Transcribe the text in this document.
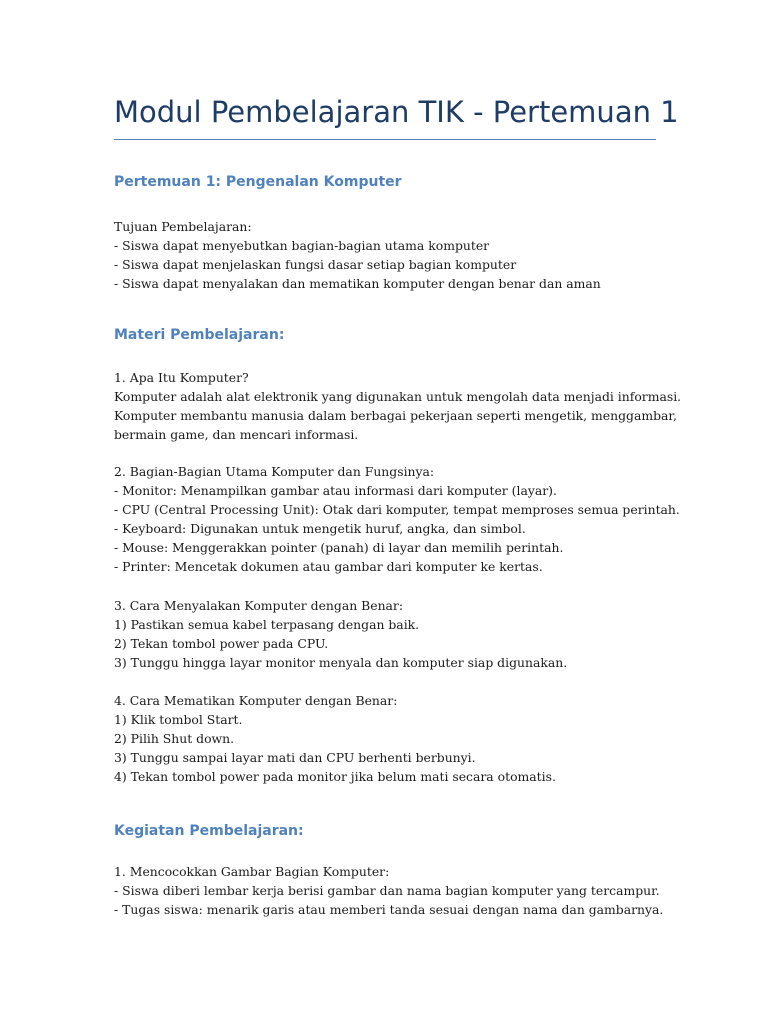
Modul Pembelajaran TIK - Pertemuan 1
Pertemuan 1: Pengenalan Komputer
Tujuan Pembelajaran:
- Siswa dapat menyebutkan bagian-bagian utama komputer
- Siswa dapat menjelaskan fungsi dasar setiap bagian komputer
- Siswa dapat menyalakan dan mematikan komputer dengan benar dan aman
Materi Pembelajaran:
1. Apa Itu Komputer?
Komputer adalah alat elektronik yang digunakan untuk mengolah data menjadi informasi.
Komputer membantu manusia dalam berbagai pekerjaan seperti mengetik, menggambar,
bermain game, dan mencari informasi.
2. Bagian-Bagian Utama Komputer dan Fungsinya:
- Monitor: Menampilkan gambar atau informasi dari komputer (layar).
- CPU (Central Processing Unit): Otak dari komputer, tempat memproses semua perintah.
- Keyboard: Digunakan untuk mengetik huruf, angka, dan simbol.
- Mouse: Menggerakkan pointer (panah) di layar dan memilih perintah.
- Printer: Mencetak dokumen atau gambar dari komputer ke kertas.
3. Cara Menyalakan Komputer dengan Benar:
1) Pastikan semua kabel terpasang dengan baik.
2) Tekan tombol power pada CPU.
3) Tunggu hingga layar monitor menyala dan komputer siap digunakan.
4. Cara Mematikan Komputer dengan Benar:
1) Klik tombol Start.
2) Pilih Shut down.
3) Tunggu sampai layar mati dan CPU berhenti berbunyi.
4) Tekan tombol power pada monitor jika belum mati secara otomatis.
Kegiatan Pembelajaran:
1. Mencocokkan Gambar Bagian Komputer:
- Siswa diberi lembar kerja berisi gambar dan nama bagian komputer yang tercampur.
- Tugas siswa: menarik garis atau memberi tanda sesuai dengan nama dan gambarnya.
